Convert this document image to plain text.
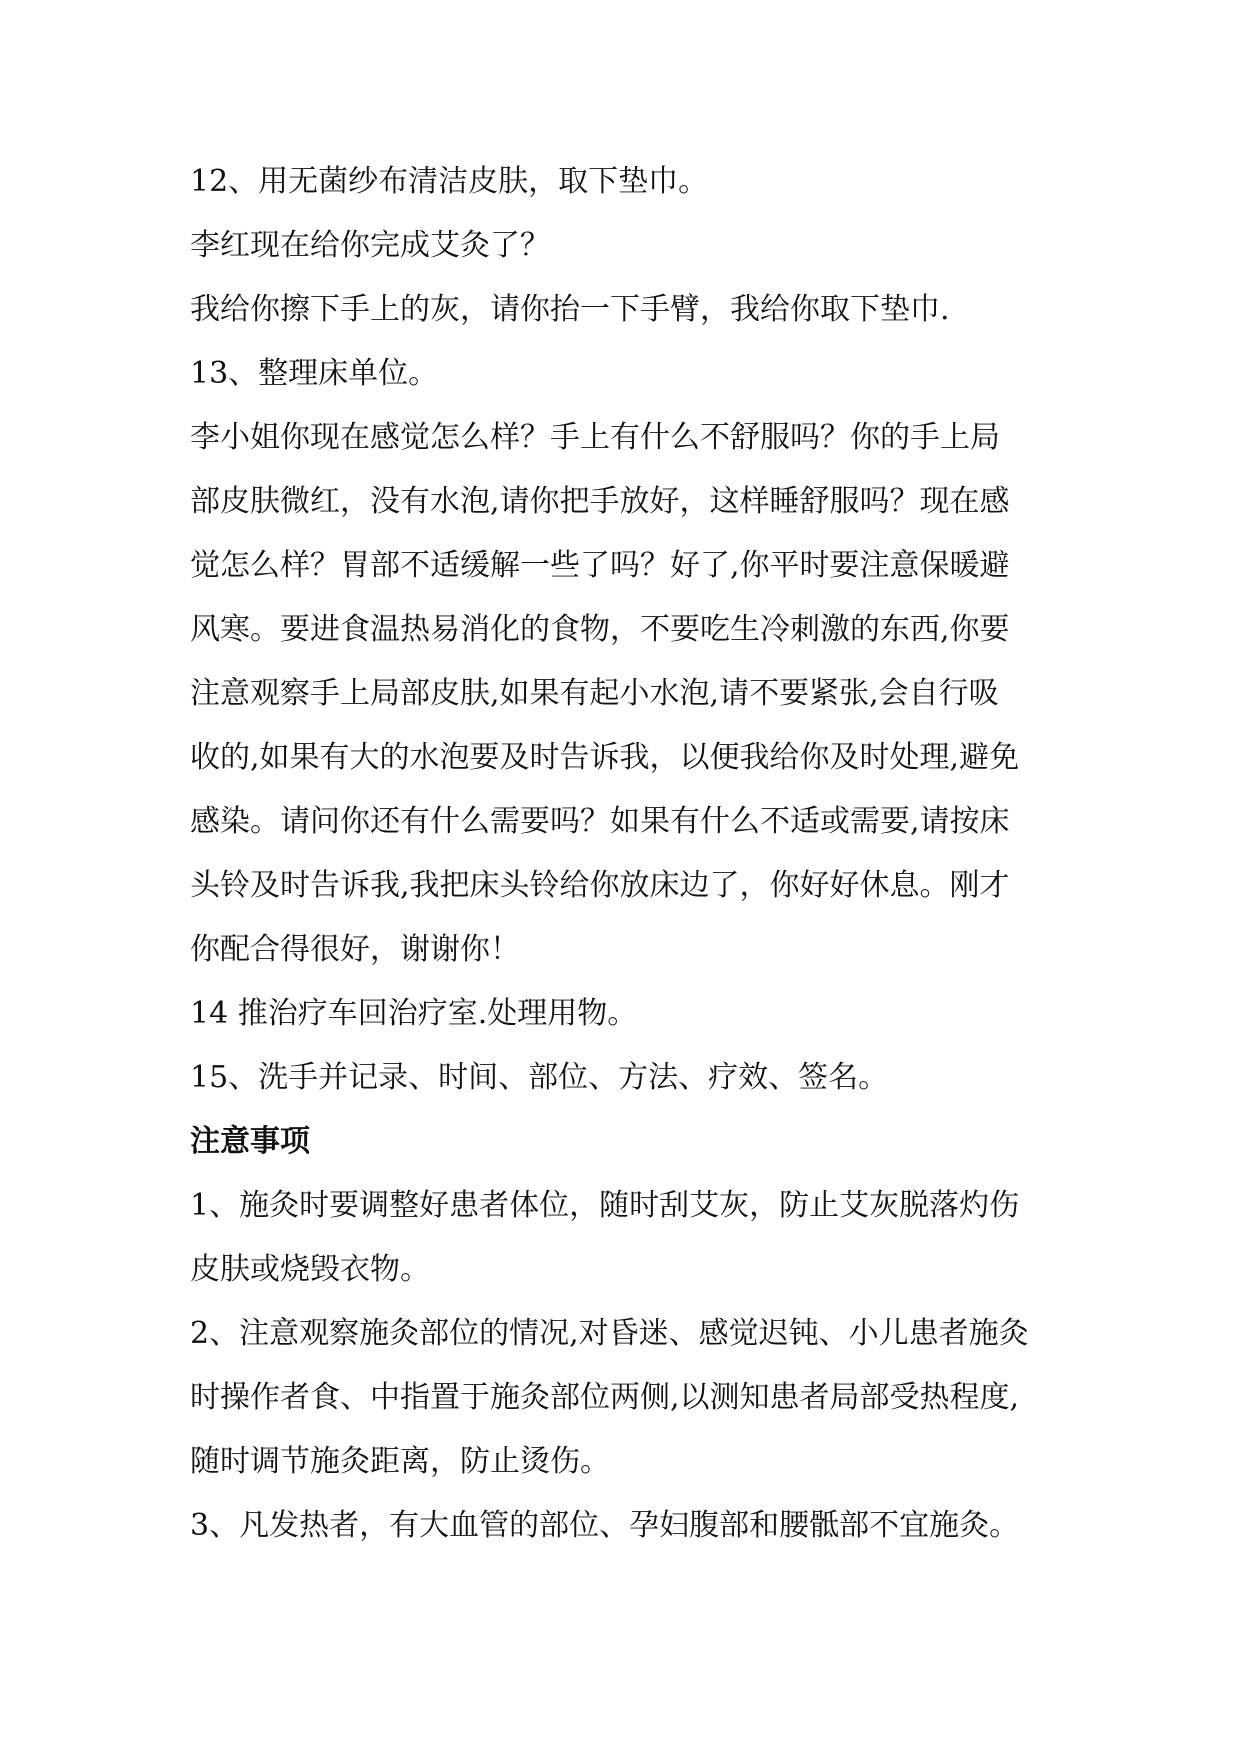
12、用无菌纱布清洁皮肤，取下垫巾。

李红现在给你完成艾灸了？

我给你擦下手上的灰，请你抬一下手臂，我给你取下垫巾.

13、整理床单位。

李小姐你现在感觉怎么样？手上有什么不舒服吗？你的手上局

部皮肤微红，没有水泡,请你把手放好，这样睡舒服吗？现在感

觉怎么样？胃部不适缓解一些了吗？好了,你平时要注意保暖避

风寒。要进食温热易消化的食物，不要吃生冷刺激的东西,你要

注意观察手上局部皮肤,如果有起小水泡,请不要紧张,会自行吸

收的,如果有大的水泡要及时告诉我，以便我给你及时处理,避免

感染。请问你还有什么需要吗？如果有什么不适或需要,请按床

头铃及时告诉我,我把床头铃给你放床边了，你好好休息。刚才

你配合得很好，谢谢你！

14 推治疗车回治疗室.处理用物。

15、洗手并记录、时间、部位、方法、疗效、签名。

注意事项

1、施灸时要调整好患者体位，随时刮艾灰，防止艾灰脱落灼伤

皮肤或烧毁衣物。

2、注意观察施灸部位的情况,对昏迷、感觉迟钝、小儿患者施灸

时操作者食、中指置于施灸部位两侧,以测知患者局部受热程度,

随时调节施灸距离，防止烫伤。

3、凡发热者，有大血管的部位、孕妇腹部和腰骶部不宜施灸。
